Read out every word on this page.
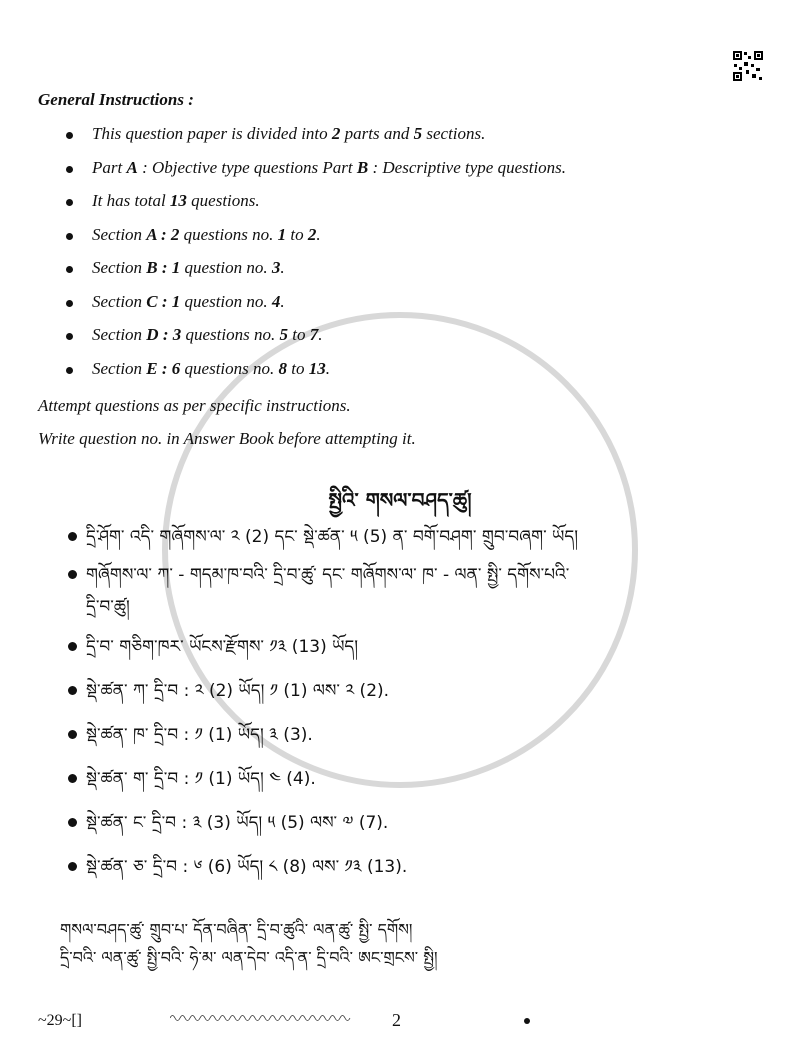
General Instructions :
This question paper is divided into 2 parts and 5 sections.
Part A : Objective type questions Part B : Descriptive type questions.
It has total 13 questions.
Section A : 2 questions no. 1 to 2.
Section B : 1 question no. 3.
Section C : 1 question no. 4.
Section D : 3 questions no. 5 to 7.
Section E : 6 questions no. 8 to 13.
Attempt questions as per specific instructions.
Write question no. in Answer Book before attempting it.
སྤྱིའི་ གསལ་བཤད་ཚུ།
དྲི་ཤོག་ འདི་ གཞོགས་ལ་ ༢ (2) དང་ སྡེ་ཚན་ ༥ (5) ན་ བགོ་བཤག་ གྲུབ་བཞག་ ཡོད།
གཞོགས་ལ་ ཀ་ - གདམ་ཁ་བའི་ དྲི་བ་ཚུ་ དང་ གཞོགས་ལ་ ཁ་ - ལན་ སྤྱི་ དགོས་པའི་
དྲི་བ་ཚུ།
དྲི་བ་ གཅིག་ཁར་ ཡོངས་རྫོགས་ ༡༣ (13) ཡོད།
སྡེ་ཚན་ ཀ་ དྲི་བ : ༢ (2) ཡོད། ༡ (1) ལས་ ༢ (2).
སྡེ་ཚན་ ཁ་ དྲི་བ : ༡ (1) ཡོད། ༣ (3).
སྡེ་ཚན་ ག་ དྲི་བ : ༡ (1) ཡོད། ༤ (4).
སྡེ་ཚན་ ང་ དྲི་བ : ༣ (3) ཡོད། ༥ (5) ལས་ ༧ (7).
སྡེ་ཚན་ ཅ་ དྲི་བ : ༦ (6) ཡོད། ༨ (8) ལས་ ༡༣ (13).
གསལ་བཤད་ཚུ་ གྲུབ་པ་ དོན་བཞིན་ དྲི་བ་ཚུའི་ ལན་ཚུ་ སྤྱི་ དགོས།
དྲི་བའི་ ལན་ཚུ་ སྤྱི་བའི་ ཧེ་མ་ ལན་དེབ་ འདི་ན་ དྲི་བའི་ ཨང་གྲངས་ སྤྱི།
~29~[]	2
